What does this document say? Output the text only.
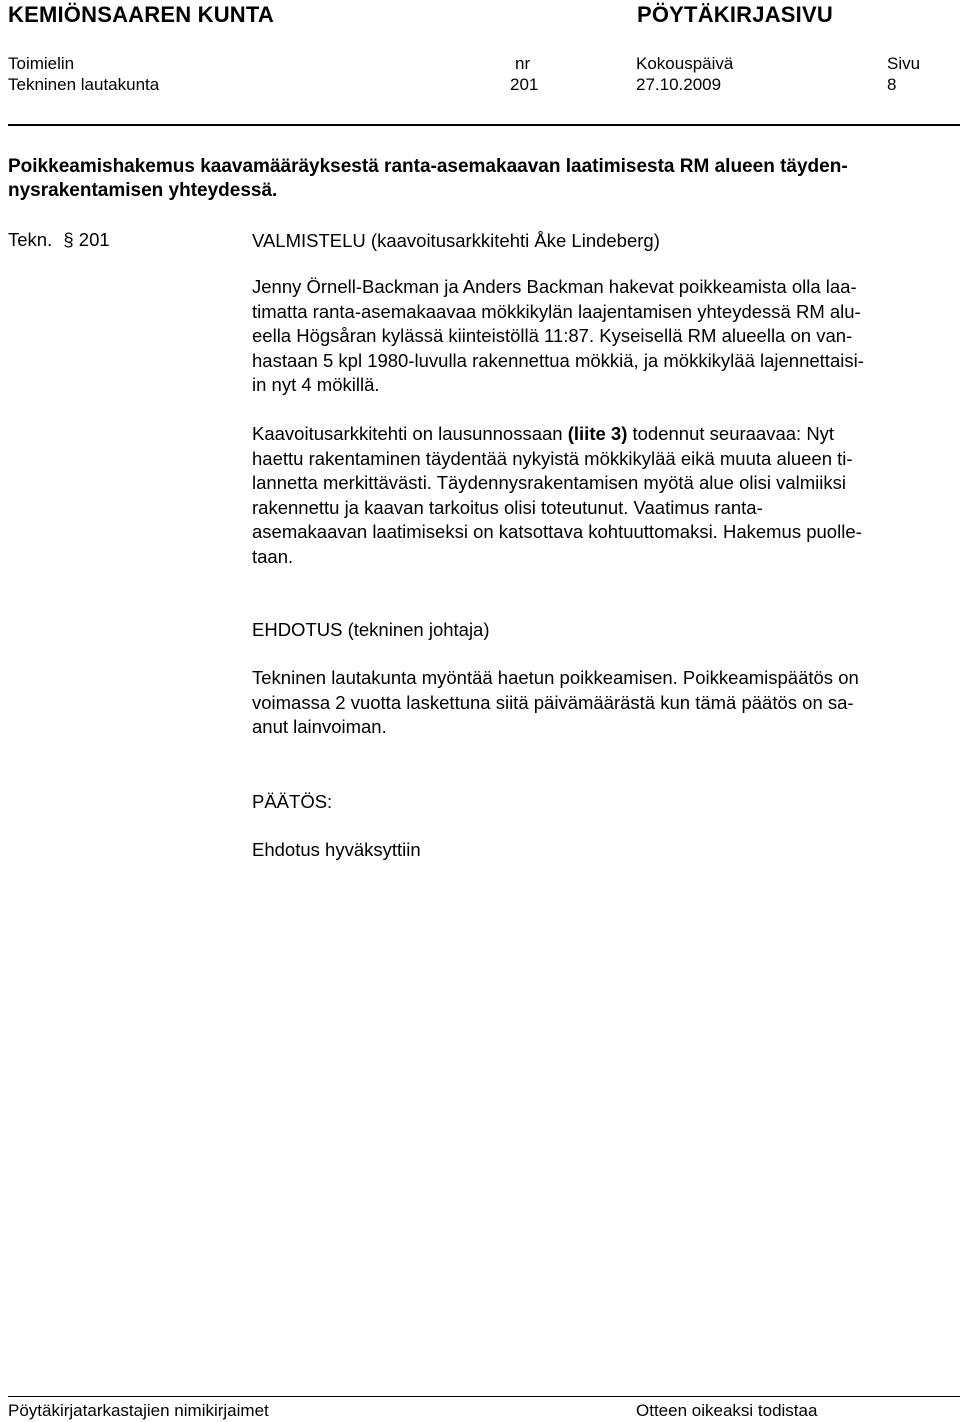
KEMIÖNSAAREN KUNTA	PÖYTÄKIRJASIVU
Toimielin	nr	Kokouspäivä	Sivu
Tekninen lautakunta	201	27.10.2009	8
Poikkeamishakemus kaavamääräyksestä ranta-asemakaavan laatimisesta RM alueen täyden-
nysrakentamisen yhteydessä.
Tekn. § 201	VALMISTELU (kaavoitusarkkitehti Åke Lindeberg)

Jenny Örnell-Backman ja Anders Backman hakevat poikkeamista olla laa-

timatta ranta-asemakaavaa mökkikylän laajentamisen yhteydessä RM alu-

eella Högsåran kylässä kiinteistöllä 11:87. Kyseisellä RM alueella on van-

hastaan 5 kpl 1980-luvulla rakennettua mökkiä, ja mökkikylää lajennettaisi-

in nyt 4 mökillä.

Kaavoitusarkkitehti on lausunnossaan (liite 3) todennut seuraavaa: Nyt

haettu rakentaminen täydentää nykyistä mökkikylää eikä muuta alueen ti-

lannetta merkittävästi. Täydennysrakentamisen myötä alue olisi valmiiksi

rakennettu ja kaavan tarkoitus olisi toteutunut. Vaatimus ranta-

asemakaavan laatimiseksi on katsottava kohtuuttomaksi. Hakemus puolle-

taan.

EHDOTUS (tekninen johtaja)

Tekninen lautakunta myöntää haetun poikkeamisen. Poikkeamispäätös on

voimassa 2 vuotta laskettuna siitä päivämäärästä kun tämä päätös on sa-

anut lainvoiman.

PÄÄTÖS:

Ehdotus hyväksyttiin

Pöytäkirjatarkastajien nimikirjaimet	Otteen oikeaksi todistaa
